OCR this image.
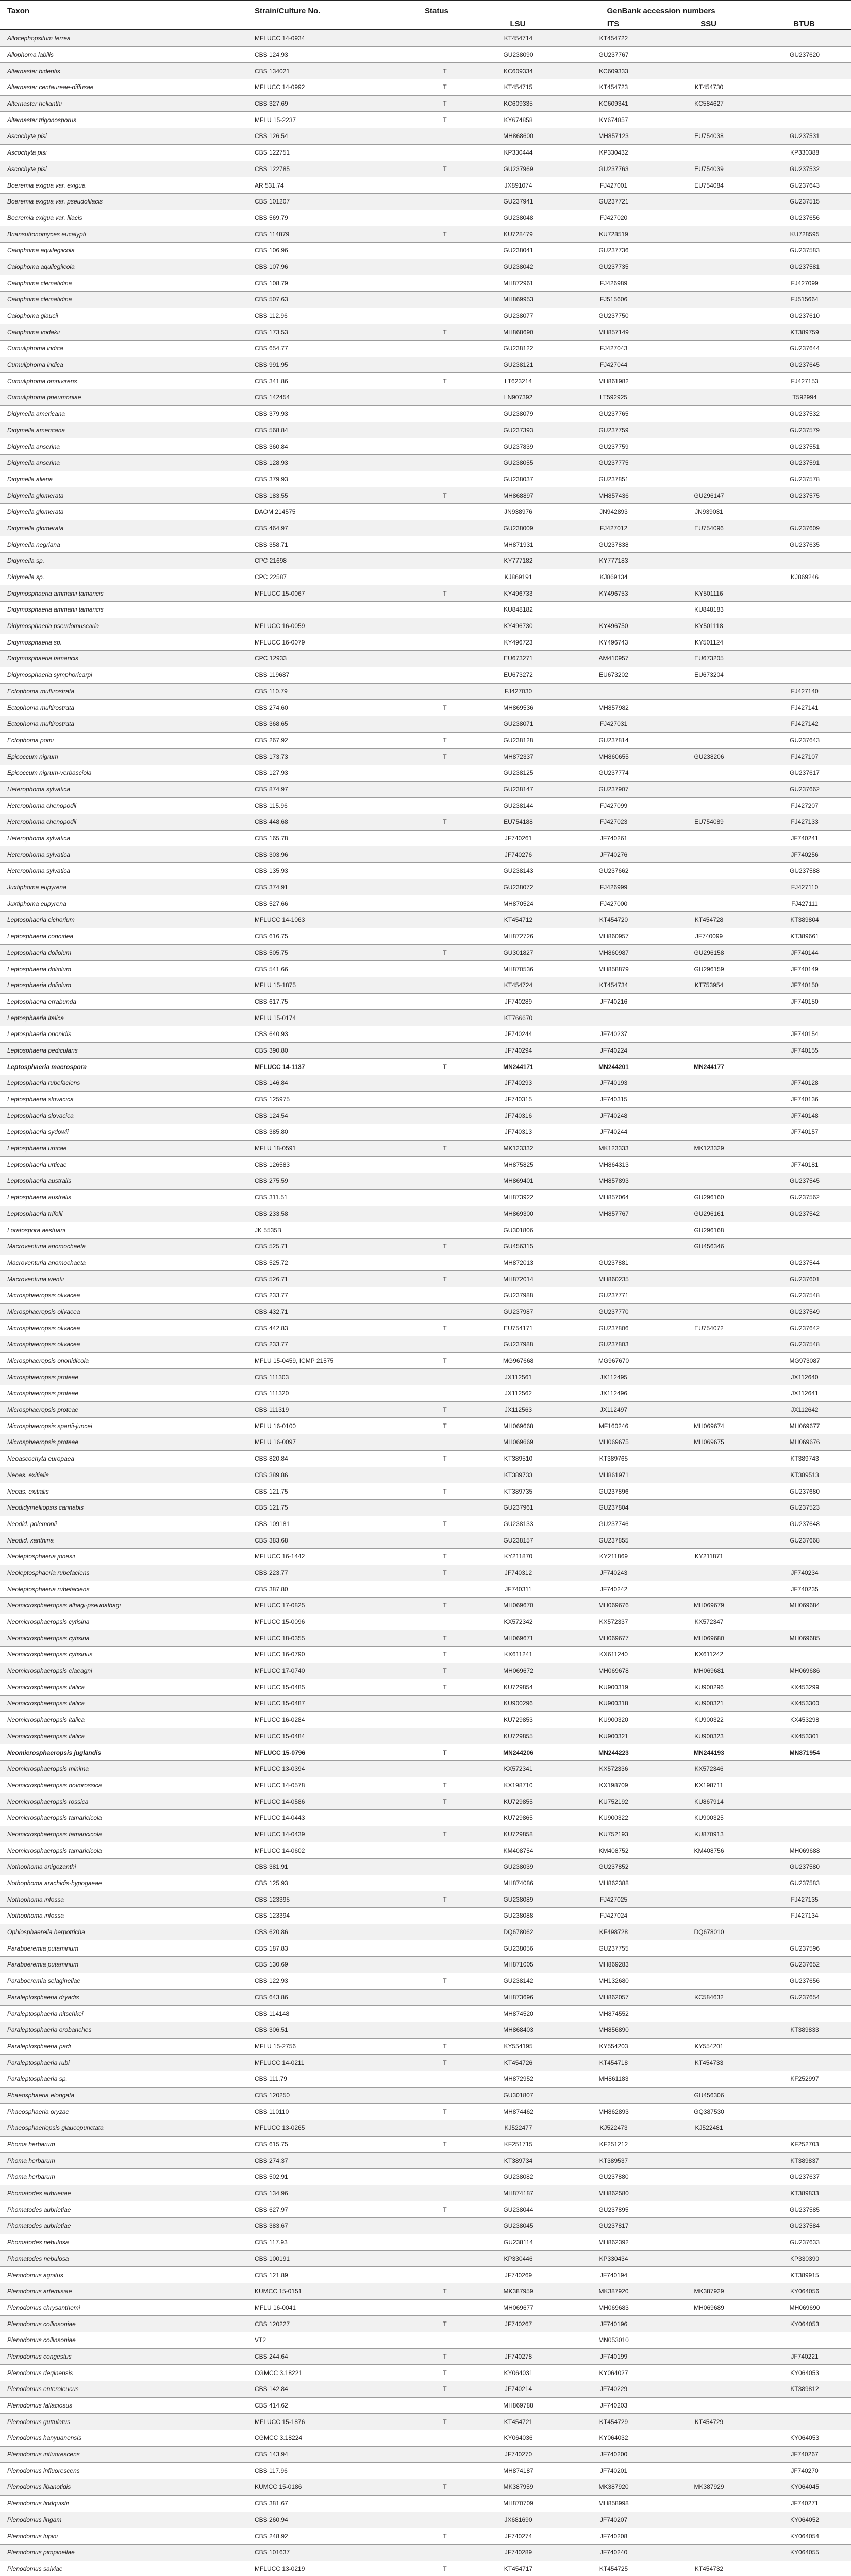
Taxon	Strain/Culture No.	Status	GenBank accession numbers			
			LSU	ITS	SSU	BTUB
Allocephopsitum ferrea	MFLUCC 14-0934		KT454714	KT454722		
Allophoma labilis	CBS 124.93		GU238090	GU237767		GU237620
Alternaster bidentis	CBS 134021	T	KC609334	KC609333		
Alternaster centaureae-diffusae	MFLUCC 14-0992	T	KT454715	KT454723	KT454730	
Alternaster helianthi	CBS 327.69	T	KC609335	KC609341	KC584627	
Alternaster trigonosporus	MFLU 15-2237	T	KY674858	KY674857		
Ascochyta pisi	CBS 126.54		MH868600	MH857123	EU754038	GU237531
Ascochyta pisi	CBS 122751		KP330444	KP330432		KP330388
Ascochyta pisi	CBS 122785	T	GU237969	GU237763	EU754039	GU237532
Boeremia exigua var. exigua	AR 531.74		JX891074	FJ427001	EU754084	GU237643
Boeremia exigua var. pseudolilacis	CBS 101207		GU237941	GU237721		GU237515
Boeremia exigua var. lilacis	CBS 569.79		GU238048	FJ427020		GU237656
Briansuttonomyces eucalypti	CBS 114879	T	KU728479	KU728519		KU728595
Calophoma aquilegiicola	CBS 106.96		GU238041	GU237736		GU237583
Calophoma aquilegiicola	CBS 107.96		GU238042	GU237735		GU237581
Calophoma clematidina	CBS 108.79		MH872961	FJ426989		FJ427099
Calophoma clematidina	CBS 507.63		MH869953	FJ515606		FJ515664
Calophoma glaucii	CBS 112.96		GU238077	GU237750		GU237610
Calophoma vodakii	CBS 173.53	T	MH868690	MH857149		KT389759
Cumuliphoma indica	CBS 654.77		GU238122	FJ427043		GU237644
Cumuliphoma indica	CBS 991.95		GU238121	FJ427044		GU237645
Cumuliphoma omnivirens	CBS 341.86	T	LT623214	MH861982		FJ427153
Cumuliphoma pneumoniae	CBS 142454		LN907392	LT592925		T592994
Didymella americana	CBS 379.93		GU238079	GU237765		GU237532
Didymella americana	CBS 568.84		GU237393	GU237759		GU237579
Didymella anserina	CBS 360.84		GU237839	GU237759		GU237551
Didymella anserina	CBS 128.93		GU238055	GU237775		GU237591
Didymella aliena	CBS 379.93		GU238037	GU237851		GU237578
Didymella glomerata	CBS 183.55	T	MH868897	MH857436	GU296147	GU237575
Didymella glomerata	DAOM 214575		JN938976	JN942893	JN939031	
Didymella glomerata	CBS 464.97		GU238009	FJ427012	EU754096	GU237609
Didymella negriana	CBS 358.71		MH871931	GU237838		GU237635
Didymella sp.	CPC 21698		KY777182	KY777183		
Didymella sp.	CPC 22587		KJ869191	KJ869134		KJ869246
Didymosphaeria ammanii tamaricis	MFLUCC 15-0067	T	KY496733	KY496753	KY501116	
Didymosphaeria ammanii tamaricis			KU848182		KU848183	
Didymosphaeria pseudomuscaria	MFLUCC 16-0059		KY496730	KY496750	KY501118	
Didymosphaeria sp.	MFLUCC 16-0079		KY496723	KY496743	KY501124	
Didymosphaeria tamaricis	CPC 12933		EU673271	AM410957	EU673205	
Didymosphaeria symphoricarpi	CBS 119687		EU673272	EU673202	EU673204	
Ectophoma multirostrata	CBS 110.79		FJ427030			FJ427140
Ectophoma multirostrata	CBS 274.60	T	MH869536	MH857982		FJ427141
Ectophoma multirostrata	CBS 368.65		GU238071	FJ427031		FJ427142
Ectophoma pomi	CBS 267.92	T	GU238128	GU237814		GU237643
Epicoccum nigrum	CBS 173.73	T	MH872337	MH860655	GU238206	FJ427107
Epicoccum nigrum-verbasciola	CBS 127.93		GU238125	GU237774		GU237617
Heterophoma sylvatica	CBS 874.97		GU238147	GU237907		GU237662
Heterophoma chenopodii	CBS 115.96		GU238144	FJ427099		FJ427207
Heterophoma chenopodii	CBS 448.68	T	EU754188	FJ427023	EU754089	FJ427133
Heterophoma sylvatica	CBS 165.78		JF740261	JF740261		JF740241
Heterophoma sylvatica	CBS 303.96		JF740276	JF740276		JF740256
Heterophoma sylvatica	CBS 135.93		GU238143	GU237662		GU237588
Juxtiphoma eupyrena	CBS 374.91		GU238072	FJ426999		FJ427110
Juxtiphoma eupyrena	CBS 527.66		MH870524	FJ427000		FJ427111
Leptosphaeria cichorium	MFLUCC 14-1063		KT454712	KT454720	KT454728	KT389804
Leptosphaeria conoidea	CBS 616.75		MH872726	MH860957	JF740099	KT389661
Leptosphaeria doliolum	CBS 505.75	T	GU301827	MH860987	GU296158	JF740144
Leptosphaeria doliolum	CBS 541.66		MH870536	MH858879	GU296159	JF740149
Leptosphaeria doliolum	MFLU 15-1875		KT454724	KT454734	KT753954	JF740150
Leptosphaeria errabunda	CBS 617.75		JF740289	JF740216		JF740150
Leptosphaeria italica	MFLU 15-0174		KT766670			
Leptosphaeria ononidis	CBS 640.93		JF740244	JF740237		JF740154
Leptosphaeria pedicularis	CBS 390.80		JF740294	JF740224		JF740155
Leptosphaeria macrospora	MFLUCC 14-1137	T	MN244171	MN244201	MN244177	
Leptosphaeria rubefaciens	CBS 146.84		JF740293	JF740193		JF740128
Leptosphaeria slovacica	CBS 125975		JF740315	JF740315		JF740136
Leptosphaeria slovacica	CBS 124.54		JF740316	JF740248		JF740148
Leptosphaeria sydowii	CBS 385.80		JF740313	JF740244		JF740157
Leptosphaeria urticae	MFLU 18-0591	T	MK123332	MK123333	MK123329	
Leptosphaeria urticae	CBS 126583		MH875825	MH864313		JF740181
Leptosphaeria australis	CBS 275.59		MH869401	MH857893		GU237545
Leptosphaeria australis	CBS 311.51		MH873922	MH857064	GU296160	GU237562
Leptosphaeria trifolii	CBS 233.58		MH869300	MH857767	GU296161	GU237542
Loratospora aestuarii	JK 5535B		GU301806		GU296168	
Macroventuria anomochaeta	CBS 525.71	T	GU456315		GU456346	
Macroventuria anomochaeta	CBS 525.72		MH872013	GU237881		GU237544
Macroventuria wentii	CBS 526.71	T	MH872014	MH860235		GU237601
Microsphaeropsis olivacea	CBS 233.77		GU237988	GU237771		GU237548
Microsphaeropsis olivacea	CBS 432.71		GU237987	GU237770		GU237549
Microsphaeropsis olivacea	CBS 442.83	T	EU754171	GU237806	EU754072	GU237642
Microsphaeropsis olivacea	CBS 233.77		GU237988	GU237803		GU237548
Microsphaeropsis ononidicola	MFLU 15-0459, ICMP 21575	T	MG967668	MG967670		MG973087
Microsphaeropsis proteae	CBS 111303		JX112561	JX112495		JX112640
Microsphaeropsis proteae	CBS 111320		JX112562	JX112496		JX112641
Microsphaeropsis proteae	CBS 111319	T	JX112563	JX112497		JX112642
Microsphaeropsis spartii-juncei	MFLU 16-0100	T	MH069668	MF160246	MH069674	MH069677
Microsphaeropsis proteae	MFLU 16-0097		MH069669	MH069675	MH069675	MH069676
Neoascochyta europaea	CBS 820.84	T	KT389510	KT389765		KT389743
Neoas. exitialis	CBS 389.86		KT389733	MH861971		KT389513
Neoas. exitialis	CBS 121.75	T	KT389735	GU237896		GU237680
Neodidymelliopsis cannabis	CBS 121.75		GU237961	GU237804		GU237523
Neodid. polemonii	CBS 109181	T	GU238133	GU237746		GU237648
Neodid. xanthina	CBS 383.68		GU238157	GU237855		GU237668
Neoleptosphaeria jonesii	MFLUCC 16-1442	T	KY211870	KY211869	KY211871	
Neoleptosphaeria rubefaciens	CBS 223.77	T	JF740312	JF740243		JF740234
Neoleptosphaeria rubefaciens	CBS 387.80		JF740311	JF740242		JF740235
Neomicrosphaeropsis alhagi-pseudalhagi	MFLUCC 17-0825	T	MH069670	MH069676	MH069679	MH069684
Neomicrosphaeropsis cytisina	MFLUCC 15-0096		KX572342	KX572337	KX572347	
Neomicrosphaeropsis cytisina	MFLUCC 18-0355	T	MH069671	MH069677	MH069680	MH069685
Neomicrosphaeropsis cytisinus	MFLUCC 16-0790	T	KX611241	KX611240	KX611242	
Neomicrosphaeropsis elaeagni	MFLUCC 17-0740	T	MH069672	MH069678	MH069681	MH069686
Neomicrosphaeropsis italica	MFLUCC 15-0485	T	KU729854	KU900319	KU900296	KX453299
Neomicrosphaeropsis italica	MFLUCC 15-0487		KU900296	KU900318	KU900321	KX453300
Neomicrosphaeropsis italica	MFLUCC 16-0284		KU729853	KU900320	KU900322	KX453298
Neomicrosphaeropsis italica	MFLUCC 15-0484		KU729855	KU900321	KU900323	KX453301
Neomicrosphaeropsis juglandis	MFLUCC 15-0796	T	MN244206	MN244223	MN244193	MN871954
Neomicrosphaeropsis minima	MFLUCC 13-0394		KX572341	KX572336	KX572346	
Neomicrosphaeropsis novorossica	MFLUCC 14-0578	T	KX198710	KX198709	KX198711	
Neomicrosphaeropsis rossica	MFLUCC 14-0586	T	KU729855	KU752192	KU867914	
Neomicrosphaeropsis tamaricicola	MFLUCC 14-0443		KU729865	KU900322	KU900325	
Neomicrosphaeropsis tamaricicola	MFLUCC 14-0439	T	KU729858	KU752193	KU870913	
Neomicrosphaeropsis tamaricicola	MFLUCC 14-0602		KM408754	KM408752	KM408756	MH069688
Nothophoma anigozanthi	CBS 381.91		GU238039	GU237852		GU237580
Nothophoma arachidis-hypogaeae	CBS 125.93		MH874086	MH862388		GU237583
Nothophoma infossa	CBS 123395	T	GU238089	FJ427025		FJ427135
Nothophoma infossa	CBS 123394		GU238088	FJ427024		FJ427134
Ophiosphaerella herpotricha	CBS 620.86		DQ678062	KF498728	DQ678010	
Paraboeremia putaminum	CBS 187.83		GU238056	GU237755		GU237596
Paraboeremia putaminum	CBS 130.69		MH871005	MH869283		GU237652
Paraboeremia selaginellae	CBS 122.93	T	GU238142	MH132680		GU237656
Paraleptosphaeria dryadis	CBS 643.86		MH873696	MH862057	KC584632	GU237654
Paraleptosphaeria nitschkei	CBS 114148		MH874520	MH874552		
Paraleptosphaeria orobanches	CBS 306.51		MH868403	MH856890		KT389833
Paraleptosphaeria padi	MFLU 15-2756	T	KY554195	KY554203	KY554201	
Paraleptosphaeria rubi	MFLUCC 14-0211	T	KT454726	KT454718	KT454733	
Paraleptosphaeria sp.	CBS 111.79		MH872952	MH861183		KF252997
Phaeosphaeria elongata	CBS 120250		GU301807		GU456306	
Phaeosphaeria oryzae	CBS 110110	T	MH874462	MH862893	GQ387530	
Phaeosphaeriopsis glaucopunctata	MFLUCC 13-0265		KJ522477	KJ522473	KJ522481	
Phoma herbarum	CBS 615.75	T	KF251715	KF251212		KF252703
Phoma herbarum	CBS 274.37		KT389734	KT389537		KT389837
Phoma herbarum	CBS 502.91		GU238082	GU237880		GU237637
Phomatodes aubrietiae	CBS 134.96		MH874187	MH862580		KT389833
Phomatodes aubrietiae	CBS 627.97	T	GU238044	GU237895		GU237585
Phomatodes aubrietiae	CBS 383.67		GU238045	GU237817		GU237584
Phomatodes nebulosa	CBS 117.93		GU238114	MH862392		GU237633
Phomatodes nebulosa	CBS 100191		KP330446	KP330434		KP330390
Plenodomus agnitus	CBS 121.89		JF740269	JF740194		KT389915
Plenodomus artemisiae	KUMCC 15-0151	T	MK387959	MK387920	MK387929	KY064056
Plenodomus chrysanthemi	MFLU 16-0041		MH069677	MH069683	MH069689	MH069690
Plenodomus collinsoniae	CBS 120227	T	JF740267	JF740196		KY064053
Plenodomus collinsoniae	VT2			MN053010		
Plenodomus congestus	CBS 244.64	T	JF740278	JF740199		JF740221
Plenodomus deqinensis	CGMCC 3.18221	T	KY064031	KY064027		KY064053
Plenodomus enteroleucus	CBS 142.84	T	JF740214	JF740229		KT389812
Plenodomus fallaciosus	CBS 414.62		MH869788	JF740203		
Plenodomus guttulatus	MFLUCC 15-1876	T	KT454721	KT454729	KT454729	
Plenodomus hanyuanensis	CGMCC 3.18224		KY064036	KY064032		KY064053
Plenodomus influorescens	CBS 143.94		JF740270	JF740200		JF740267
Plenodomus influorescens	CBS 117.96		MH874187	JF740201		JF740270
Plenodomus libanotidis	KUMCC 15-0186	T	MK387959	MK387920	MK387929	KY064045
Plenodomus lindquistii	CBS 381.67		MH870709	MH858998		JF740271
Plenodomus lingam	CBS 260.94		JX681690	JF740207		KY064052
Plenodomus lupini	CBS 248.92	T	JF740274	JF740208		KY064054
Plenodomus pimpinellae	CBS 101637		JF740289	JF740240		KY064055
Plenodomus salviae	MFLUCC 13-0219	T	KT454717	KT454725	KT454732	
